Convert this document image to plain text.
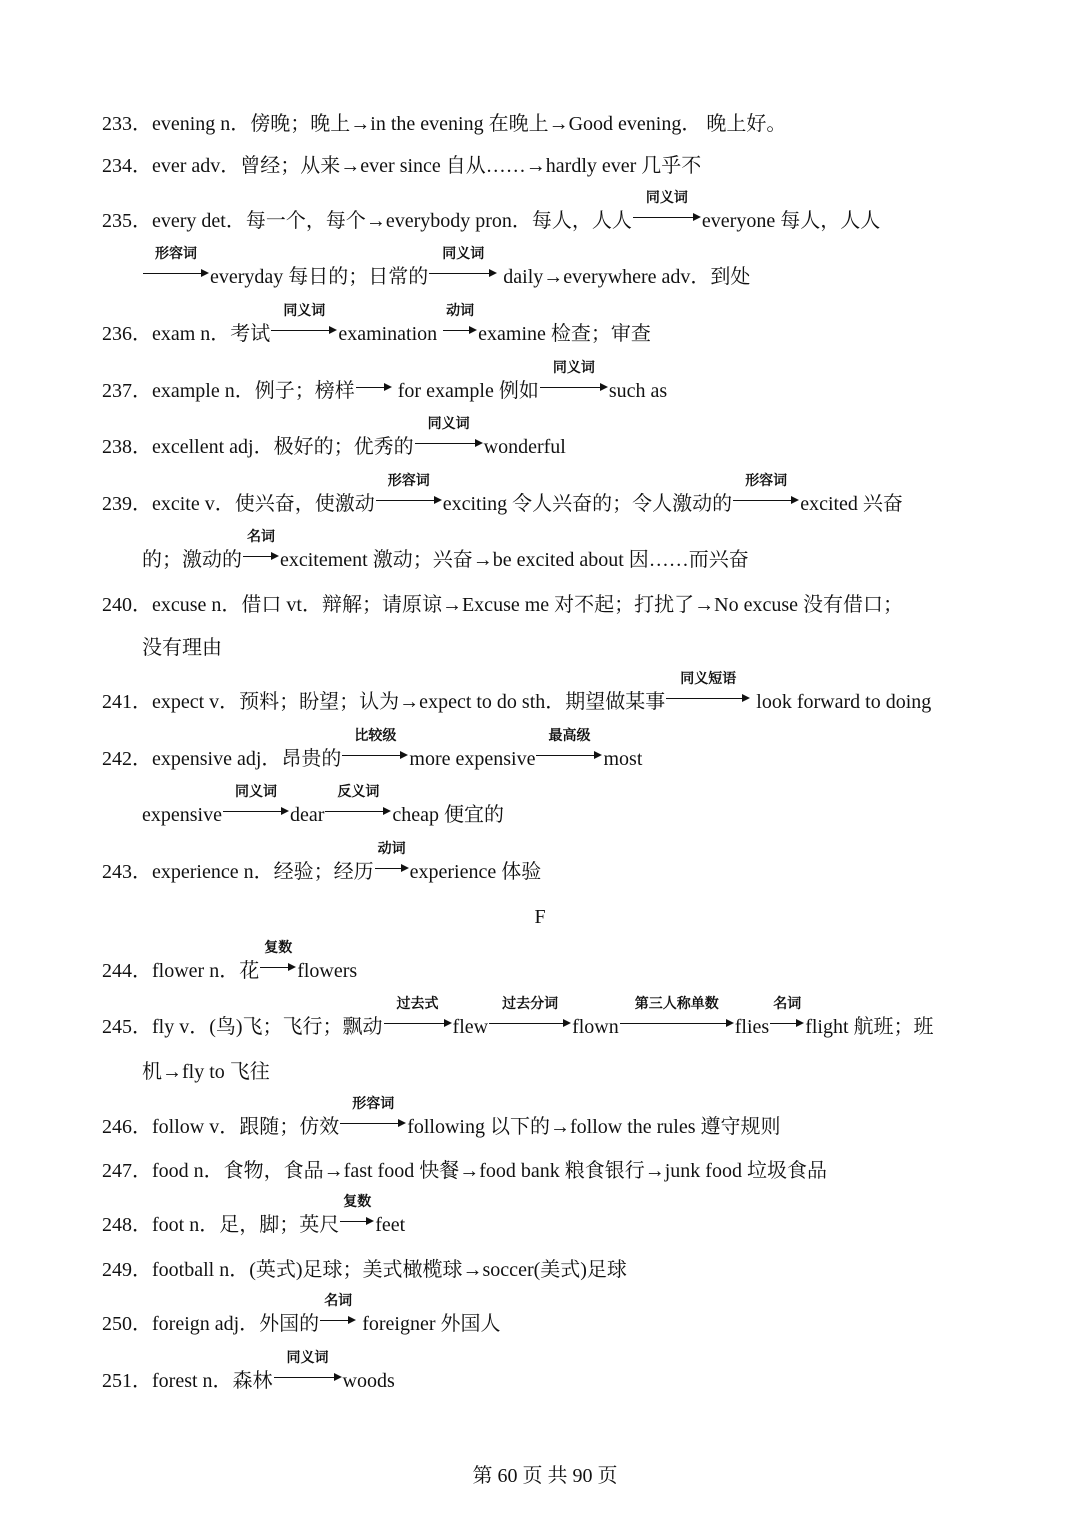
233．evening n．傍晚；晚上→in the evening 在晚上→Good evening． 晚上好。
234．ever adv．曾经；从来→ever since 自从……→hardly ever 几乎不
235．every det．每一个，每个→everybody pron．每人，人人
同义词
everyone 每人，人人
形容词
everyday 每日的；日常的
同义词
daily→everywhere adv．到处
236．exam n．考试
同义词
examination
动词
examine 检查；审查
237．example n．例子；榜样
for example 例如
同义词
such as
238．excellent adj．极好的；优秀的
同义词
wonderful
239．excite v．使兴奋，使激动
形容词
exciting 令人兴奋的；令人激动的
形容词
excited 兴奋
的；激动的
名词
excitement 激动；兴奋→be excited about 因……而兴奋
240．excuse n．借口 vt．辩解；请原谅→Excuse me 对不起；打扰了→No excuse 没有借口；
没有理由
241．expect v．预料；盼望；认为→expect to do sth．期望做某事
同义短语
look forward to doing
242．expensive adj．昂贵的
比较级
more expensive
最高级
most
expensive
同义词
dear
反义词
cheap 便宜的
243．experience n．经验；经历
动词
experience 体验
F
244．flower n．花
复数
flowers
245．fly v．(鸟)飞；飞行；飘动
过去式
flew
过去分词
flown
第三人称单数
flies
名词
flight 航班；班
机→fly to 飞往
246．follow v．跟随；仿效
形容词
following 以下的→follow the rules 遵守规则
247．food n．食物，食品→fast food 快餐→food bank 粮食银行→junk food 垃圾食品
248．foot n．足，脚；英尺
复数
feet
249．football n．(英式)足球；美式橄榄球→soccer(美式)足球
250．foreign adj．外国的
名词
foreigner 外国人
251．forest n．森林
同义词
woods

第 60 页 共 90 页
